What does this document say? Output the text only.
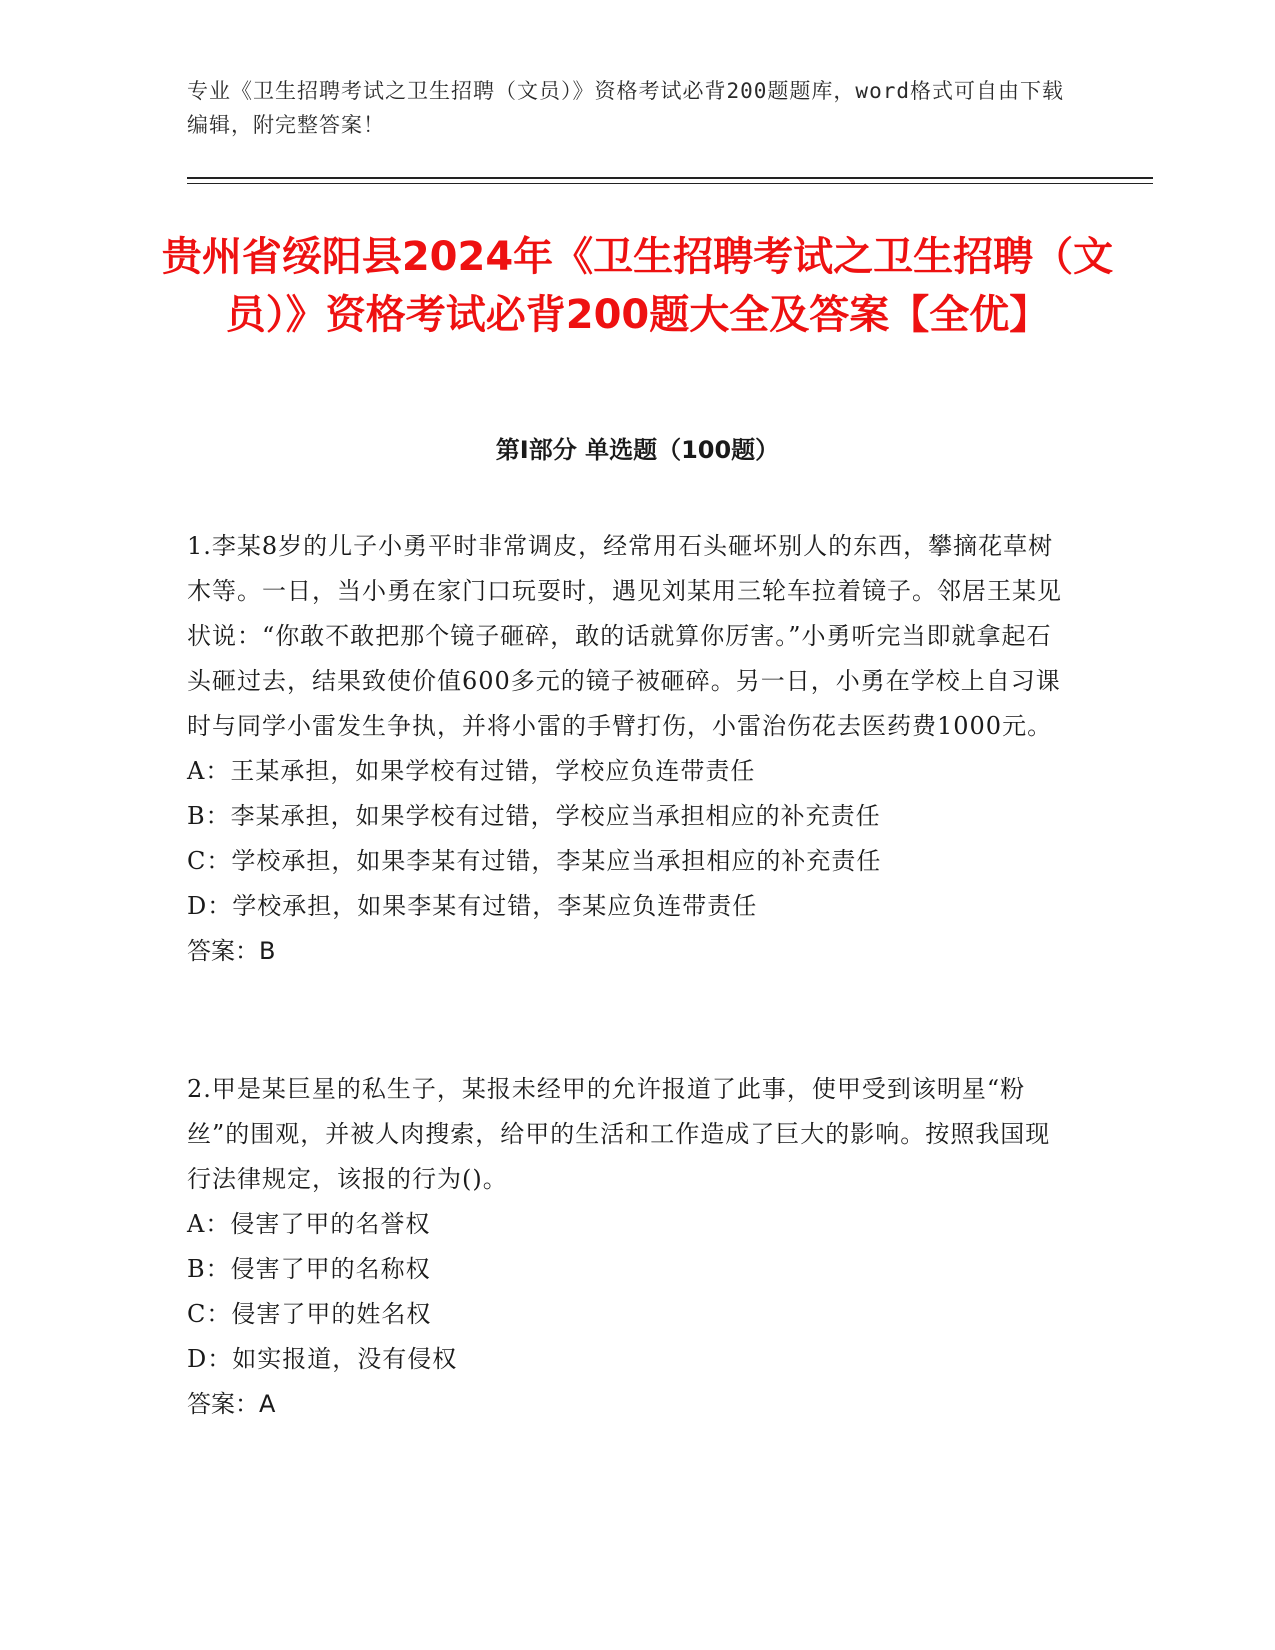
专业《卫生招聘考试之卫生招聘（文员）》资格考试必背200题题库，word格式可自由下载编辑，附完整答案！
贵州省绥阳县2024年《卫生招聘考试之卫生招聘（文员）》资格考试必背200题大全及答案【全优】
第Ⅰ部分 单选题（100题）

1.李某8岁的儿子小勇平时非常调皮，经常用石头砸坏别人的东西，攀摘花草树木等。一日，当小勇在家门口玩耍时，遇见刘某用三轮车拉着镜子。邻居王某见状说：“你敢不敢把那个镜子砸碎，敢的话就算你厉害。”小勇听完当即就拿起石头砸过去，结果致使价值600多元的镜子被砸碎。另一日，小勇在学校上自习课时与同学小雷发生争执，并将小雷的手臂打伤，小雷治伤花去医药费1000元。

A：王某承担，如果学校有过错，学校应负连带责任

B：李某承担，如果学校有过错，学校应当承担相应的补充责任

C：学校承担，如果李某有过错，李某应当承担相应的补充责任

D：学校承担，如果李某有过错，李某应负连带责任

答案：B

2.甲是某巨星的私生子，某报未经甲的允许报道了此事，使甲受到该明星“粉丝”的围观，并被人肉搜索，给甲的生活和工作造成了巨大的影响。按照我国现行法律规定，该报的行为()。

A：侵害了甲的名誉权

B：侵害了甲的名称权

C：侵害了甲的姓名权

D：如实报道，没有侵权

答案：A
